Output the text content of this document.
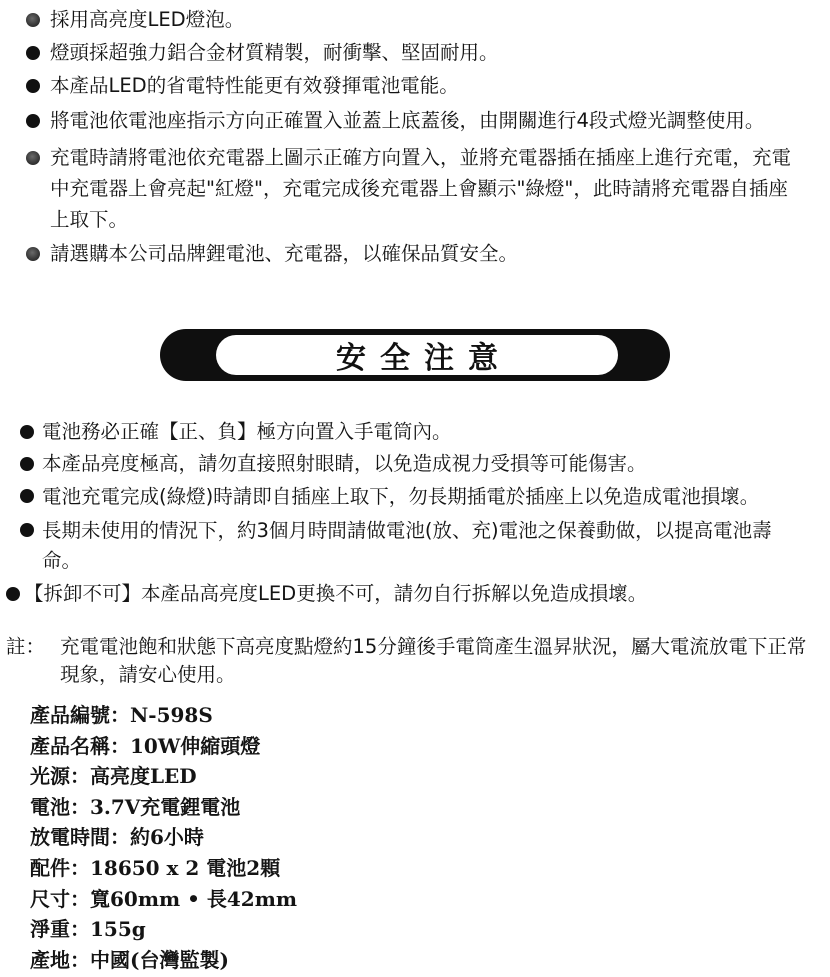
採用高亮度LED燈泡。
燈頭採超強力鋁合金材質精製，耐衝擊、堅固耐用。
本產品LED的省電特性能更有效發揮電池電能。
將電池依電池座指示方向正確置入並蓋上底蓋後，由開關進行4段式燈光調整使用。
充電時請將電池依充電器上圖示正確方向置入，並將充電器插在插座上進行充電，充電中充電器上會亮起"紅燈"，充電完成後充電器上會顯示"綠燈"，此時請將充電器自插座上取下。
請選購本公司品牌鋰電池、充電器，以確保品質安全。
安全注意
電池務必正確【正、負】極方向置入手電筒內。
本產品亮度極高，請勿直接照射眼睛，以免造成視力受損等可能傷害。
電池充電完成(綠燈)時請即自插座上取下，勿長期插電於插座上以免造成電池損壞。
長期未使用的情況下，約3個月時間請做電池(放、充)電池之保養動做，以提高電池壽命。
【拆卸不可】本產品高亮度LED更換不可，請勿自行拆解以免造成損壞。
註： 充電電池飽和狀態下高亮度點燈約15分鐘後手電筒產生溫昇狀況，屬大電流放電下正常現象，請安心使用。
產品編號：N-598S
產品名稱：10W伸縮頭燈
光源：高亮度LED
電池：3.7V充電鋰電池
放電時間：約6小時
配件：18650 x 2 電池2顆
尺寸：寬60mm • 長42mm
淨重：155g
產地：中國(台灣監製)
